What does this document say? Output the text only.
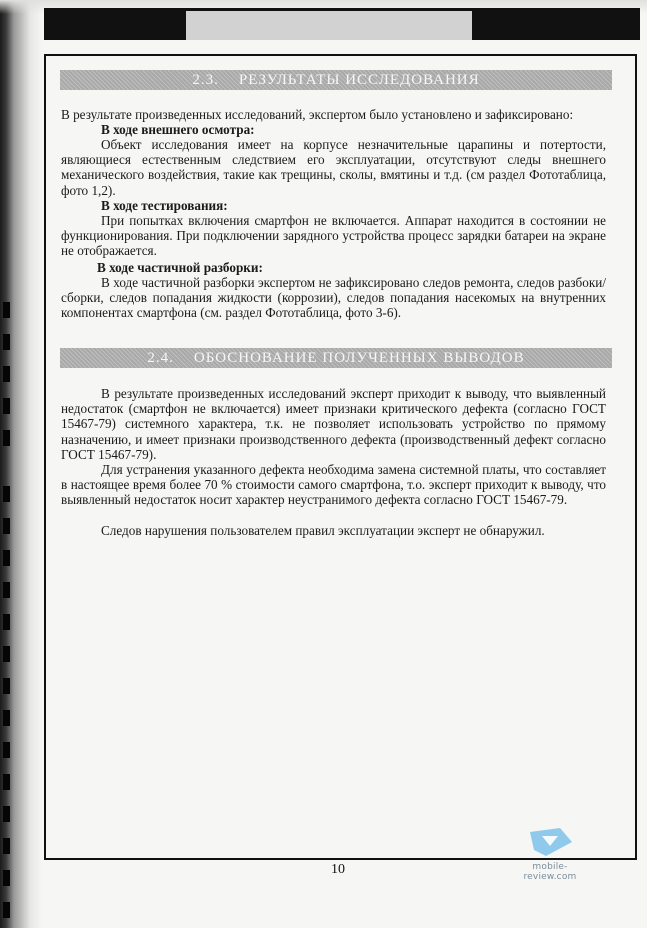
2.3. РЕЗУЛЬТАТЫ ИССЛЕДОВАНИЯ
В результате произведенных исследований, экспертом было установлено и зафиксировано:
В ходе внешнего осмотра:
Объект исследования имеет на корпусе незначительные царапины и потертости, являющиеся естественным следствием его эксплуатации, отсутствуют следы внешнего механического воздействия, такие как трещины, сколы, вмятины и т.д. (см раздел Фототаблица, фото 1,2).
В ходе тестирования:
При попытках включения смартфон не включается. Аппарат находится в состоянии не функционирования. При подключении зарядного устройства процесс зарядки батареи на экране не отображается.
В ходе частичной разборки:
В ходе частичной разборки экспертом не зафиксировано следов ремонта, следов разбоки/сборки, следов попадания жидкости (коррозии), следов попадания насекомых на внутренних компонентах смартфона (см. раздел Фототаблица, фото 3-6).
2.4. ОБОСНОВАНИЕ ПОЛУЧЕННЫХ ВЫВОДОВ
В результате произведенных исследований эксперт приходит к выводу, что выявленный недостаток (смартфон не включается) имеет признаки критического дефекта (согласно ГОСТ 15467-79) системного характера, т.к. не позволяет использовать устройство по прямому назначению, и имеет признаки производственного дефекта (производственный дефект согласно ГОСТ 15467-79).
Для устранения указанного дефекта необходима замена системной платы, что составляет в настоящее время более 70 % стоимости самого смартфона, т.о. эксперт приходит к выводу, что выявленный недостаток носит характер неустранимого дефекта согласно ГОСТ 15467-79.
Следов нарушения пользователем правил эксплуатации эксперт не обнаружил.
10	mobile-review.com
